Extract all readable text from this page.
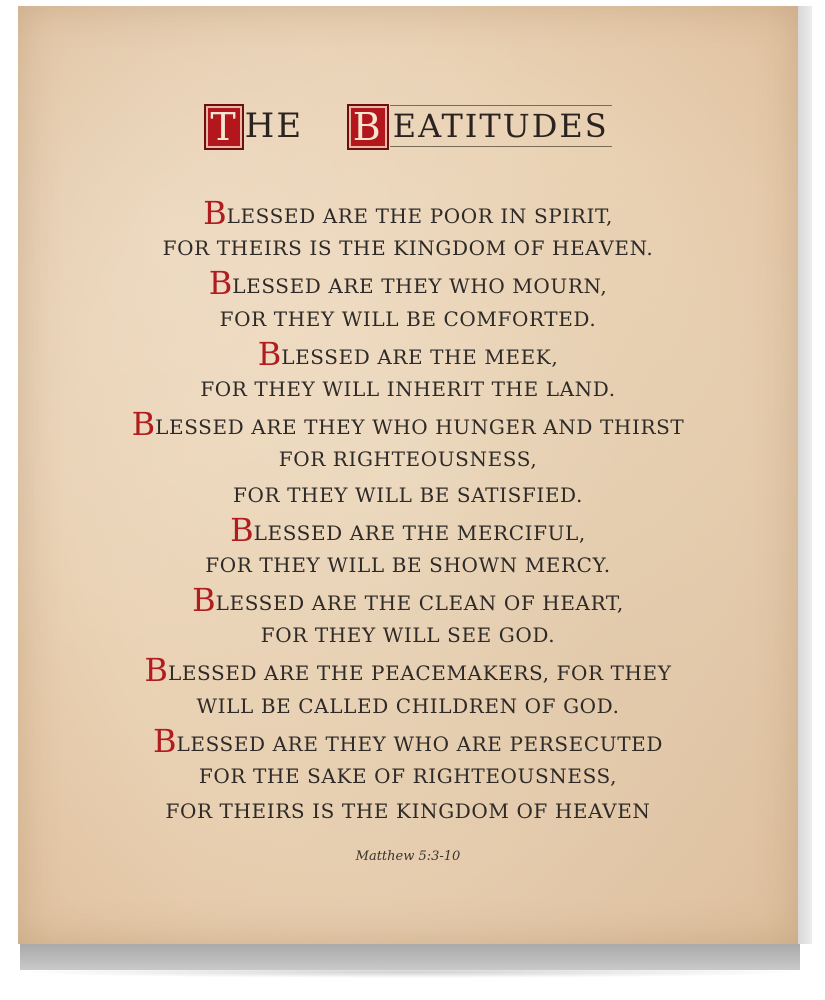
T HE B EATITUDES
BLESSED ARE THE POOR IN SPIRIT,
FOR THEIRS IS THE KINGDOM OF HEAVEN.
BLESSED ARE THEY WHO MOURN,
FOR THEY WILL BE COMFORTED.
BLESSED ARE THE MEEK,
FOR THEY WILL INHERIT THE LAND.
BLESSED ARE THEY WHO HUNGER AND THIRST
FOR RIGHTEOUSNESS,
FOR THEY WILL BE SATISFIED.
BLESSED ARE THE MERCIFUL,
FOR THEY WILL BE SHOWN MERCY.
BLESSED ARE THE CLEAN OF HEART,
FOR THEY WILL SEE GOD.
BLESSED ARE THE PEACEMAKERS, FOR THEY
WILL BE CALLED CHILDREN OF GOD.
BLESSED ARE THEY WHO ARE PERSECUTED
FOR THE SAKE OF RIGHTEOUSNESS,
FOR THEIRS IS THE KINGDOM OF HEAVEN
Matthew 5:3-10
